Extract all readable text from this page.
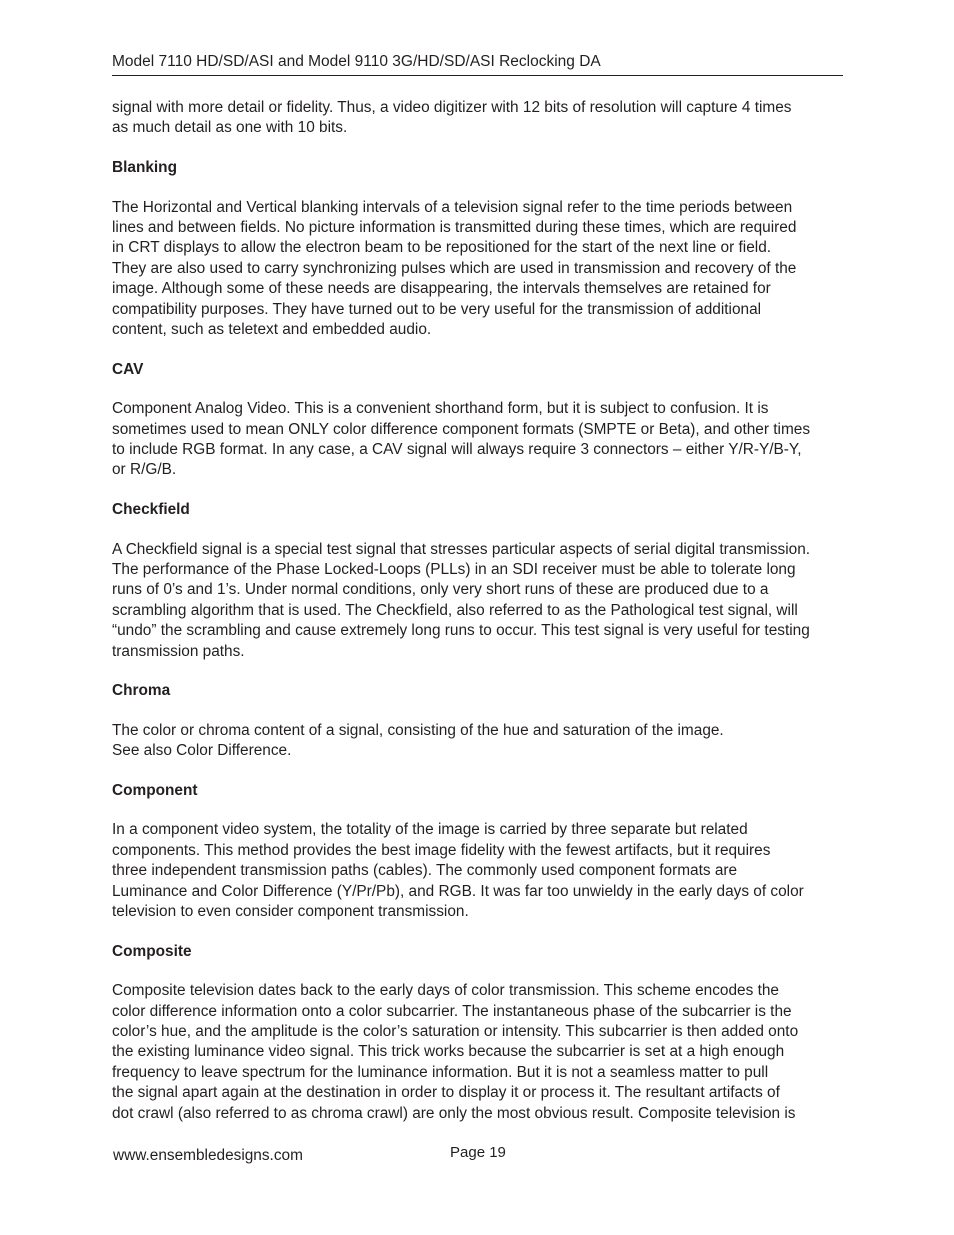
Model 7110 HD/SD/ASI and Model 9110 3G/HD/SD/ASI Reclocking DA

signal with more detail or fidelity. Thus, a video digitizer with 12 bits of resolution will capture 4 times
as much detail as one with 10 bits.

Blanking

The Horizontal and Vertical blanking intervals of a television signal refer to the time periods between
lines and between fields. No picture information is transmitted during these times, which are required
in CRT displays to allow the electron beam to be repositioned for the start of the next line or field.
They are also used to carry synchronizing pulses which are used in transmission and recovery of the
image. Although some of these needs are disappearing, the intervals themselves are retained for
compatibility purposes. They have turned out to be very useful for the transmission of additional
content, such as teletext and embedded audio.

CAV

Component Analog Video. This is a convenient shorthand form, but it is subject to confusion. It is
sometimes used to mean ONLY color difference component formats (SMPTE or Beta), and other times
to include RGB format. In any case, a CAV signal will always require 3 connectors – either Y/R-Y/B-Y,
or R/G/B.

Checkfield

A Checkfield signal is a special test signal that stresses particular aspects of serial digital transmission.
The performance of the Phase Locked-Loops (PLLs) in an SDI receiver must be able to tolerate long
runs of 0’s and 1’s. Under normal conditions, only very short runs of these are produced due to a
scrambling algorithm that is used. The Checkfield, also referred to as the Pathological test signal, will
“undo” the scrambling and cause extremely long runs to occur. This test signal is very useful for testing
transmission paths.

Chroma

The color or chroma content of a signal, consisting of the hue and saturation of the image.
See also Color Difference.

Component

In a component video system, the totality of the image is carried by three separate but related
components. This method provides the best image fidelity with the fewest artifacts, but it requires
three independent transmission paths (cables). The commonly used component formats are
Luminance and Color Difference (Y/Pr/Pb), and RGB. It was far too unwieldy in the early days of color
television to even consider component transmission.

Composite

Composite television dates back to the early days of color transmission. This scheme encodes the
color difference information onto a color subcarrier. The instantaneous phase of the subcarrier is the
color’s hue, and the amplitude is the color’s saturation or intensity. This subcarrier is then added onto
the existing luminance video signal. This trick works because the subcarrier is set at a high enough
frequency to leave spectrum for the luminance information. But it is not a seamless matter to pull
the signal apart again at the destination in order to display it or process it. The resultant artifacts of
dot crawl (also referred to as chroma crawl) are only the most obvious result. Composite television is

www.ensembledesigns.com	Page 19
